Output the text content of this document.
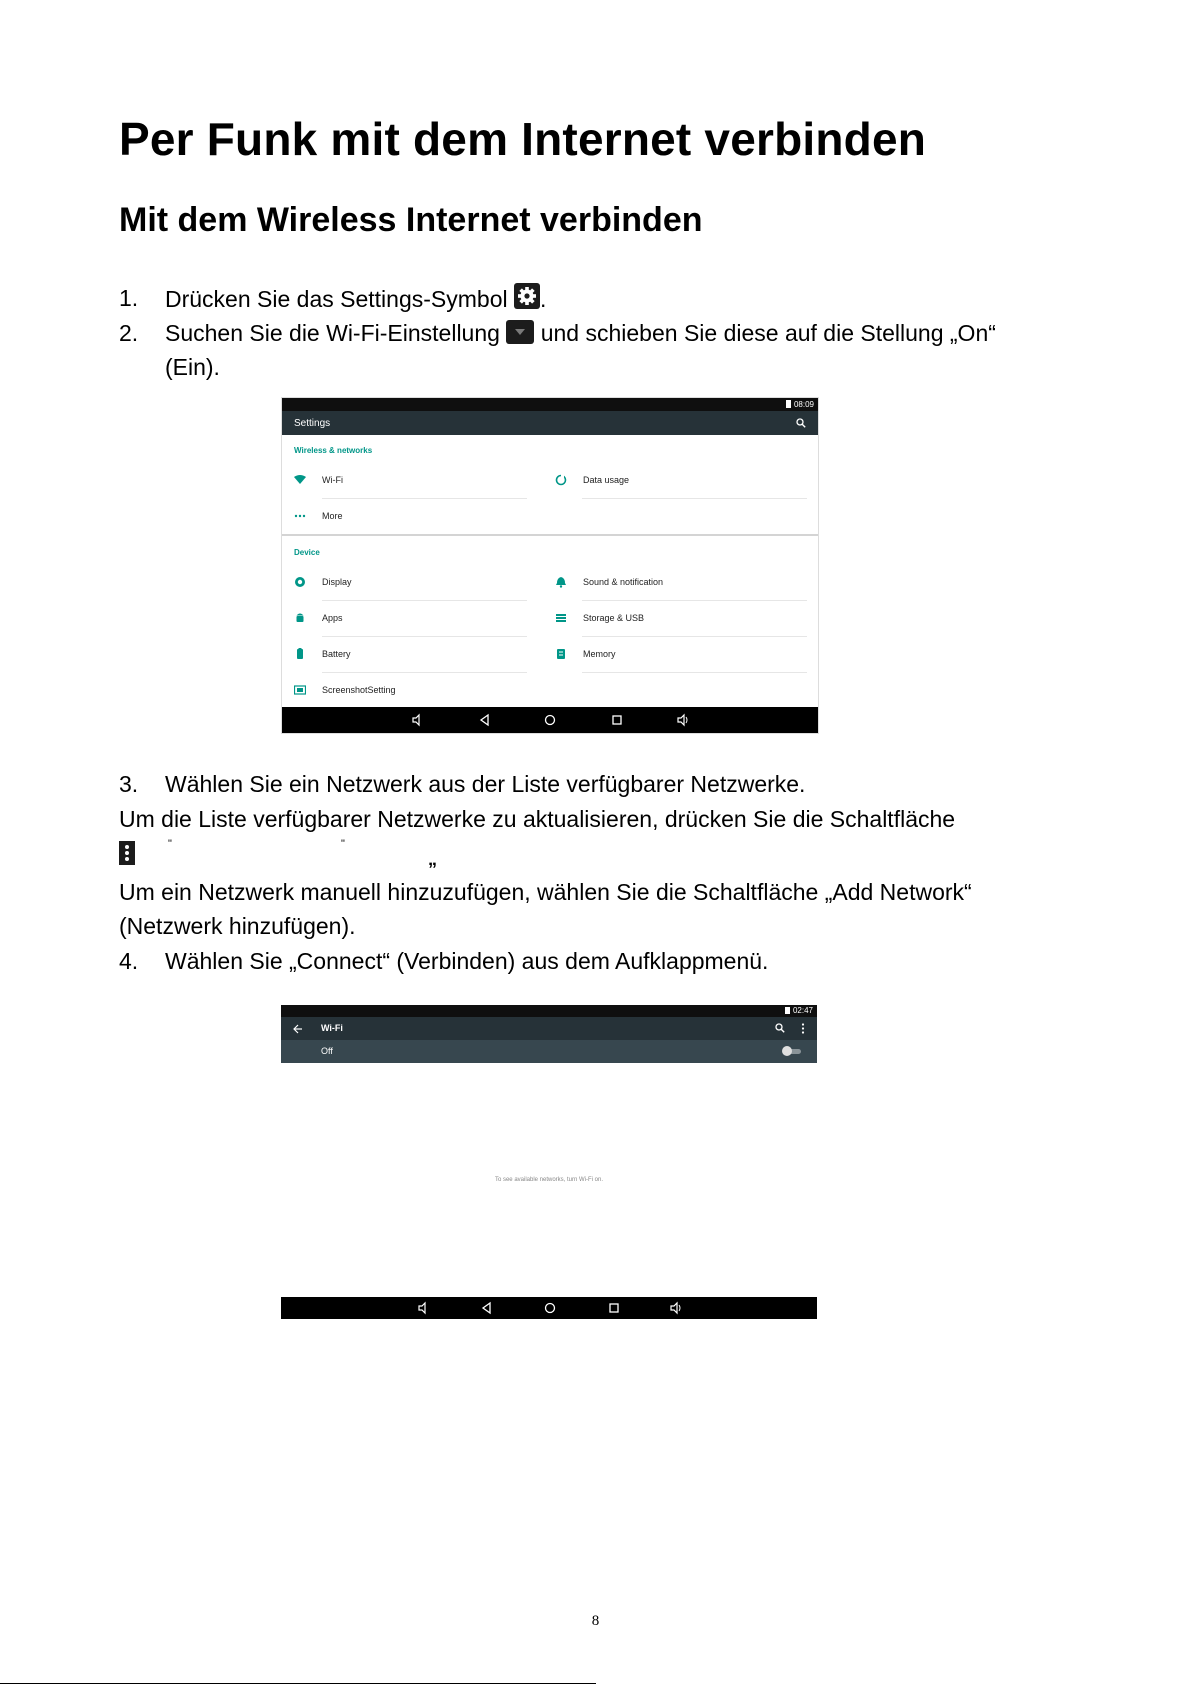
Per Funk mit dem Internet verbinden
Mit dem Wireless Internet verbinden
1. Drücken Sie das Settings-Symbol .
2. Suchen Sie die Wi-Fi-Einstellung und schieben Sie diese auf die Stellung „On“
(Ein).
08:09
Settings
Wireless & networks
Wi-Fi	Data usage
More
Device
Display	Sound & notification
Apps	Storage & USB
Battery	Memory
ScreenshotSetting
3. Wählen Sie ein Netzwerk aus der Liste verfügbarer Netzwerke.
Um die Liste verfügbarer Netzwerke zu aktualisieren, drücken Sie die Schaltfläche
"	"
„
Um ein Netzwerk manuell hinzuzufügen, wählen Sie die Schaltfläche „Add Network“
(Netzwerk hinzufügen).
4. Wählen Sie „Connect“ (Verbinden) aus dem Aufklappmenü.
02:47
Wi-Fi
Off
To see available networks, turn Wi-Fi on.
8
